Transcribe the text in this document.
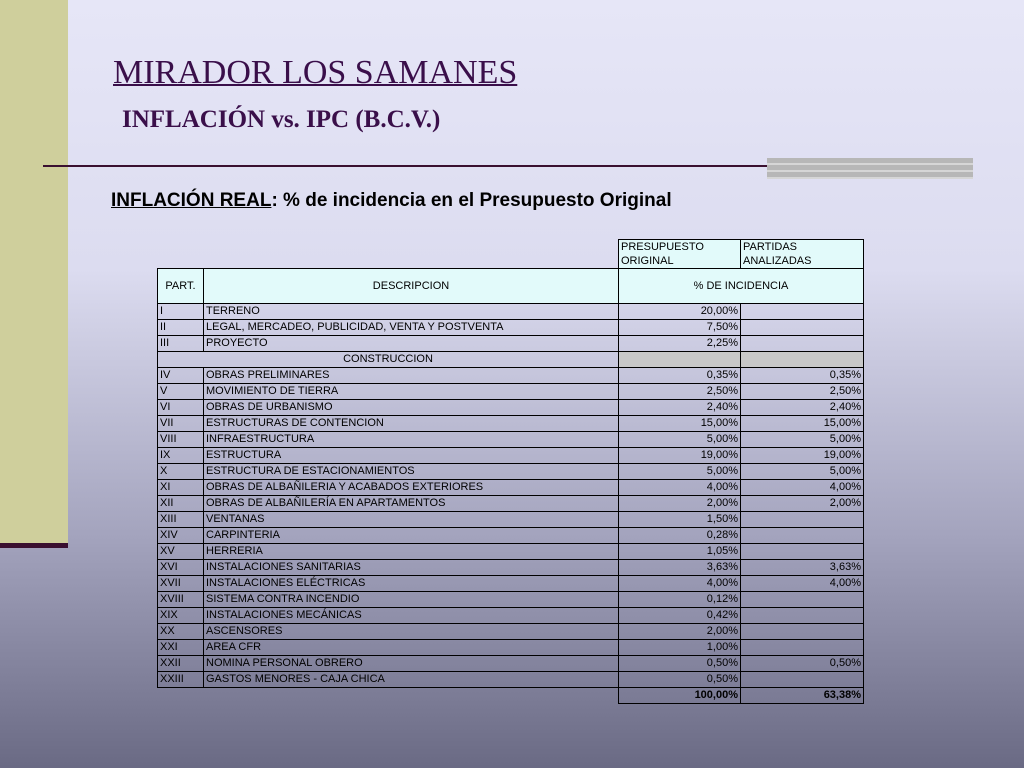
MIRADOR LOS SAMANES
INFLACIÓN vs. IPC (B.C.V.)
INFLACIÓN REAL: % de incidencia en el Presupuesto Original
		PRESUPUESTO ORIGINAL	PARTIDAS ANALIZADAS
PART.	DESCRIPCION	% DE INCIDENCIA	
I	TERRENO	20,00%	
II	LEGAL, MERCADEO, PUBLICIDAD, VENTA Y POSTVENTA	7,50%	
III	PROYECTO	2,25%	
CONSTRUCCION			
IV	OBRAS PRELIMINARES	0,35%	0,35%
V	MOVIMIENTO DE TIERRA	2,50%	2,50%
VI	OBRAS DE URBANISMO	2,40%	2,40%
VII	ESTRUCTURAS DE CONTENCION	15,00%	15,00%
VIII	INFRAESTRUCTURA	5,00%	5,00%
IX	ESTRUCTURA	19,00%	19,00%
X	ESTRUCTURA DE ESTACIONAMIENTOS	5,00%	5,00%
XI	OBRAS DE ALBAÑILERIA Y ACABADOS EXTERIORES	4,00%	4,00%
XII	OBRAS DE ALBAÑILERÍA EN APARTAMENTOS	2,00%	2,00%
XIII	VENTANAS	1,50%	
XIV	CARPINTERIA	0,28%	
XV	HERRERIA	1,05%	
XVI	INSTALACIONES SANITARIAS	3,63%	3,63%
XVII	INSTALACIONES ELÉCTRICAS	4,00%	4,00%
XVIII	SISTEMA CONTRA INCENDIO	0,12%	
XIX	INSTALACIONES MECÁNICAS	0,42%	
XX	ASCENSORES	2,00%	
XXI	AREA CFR	1,00%	
XXII	NOMINA PERSONAL OBRERO	0,50%	0,50%
XXIII	GASTOS MENORES - CAJA CHICA	0,50%	
		100,00%	63,38%
